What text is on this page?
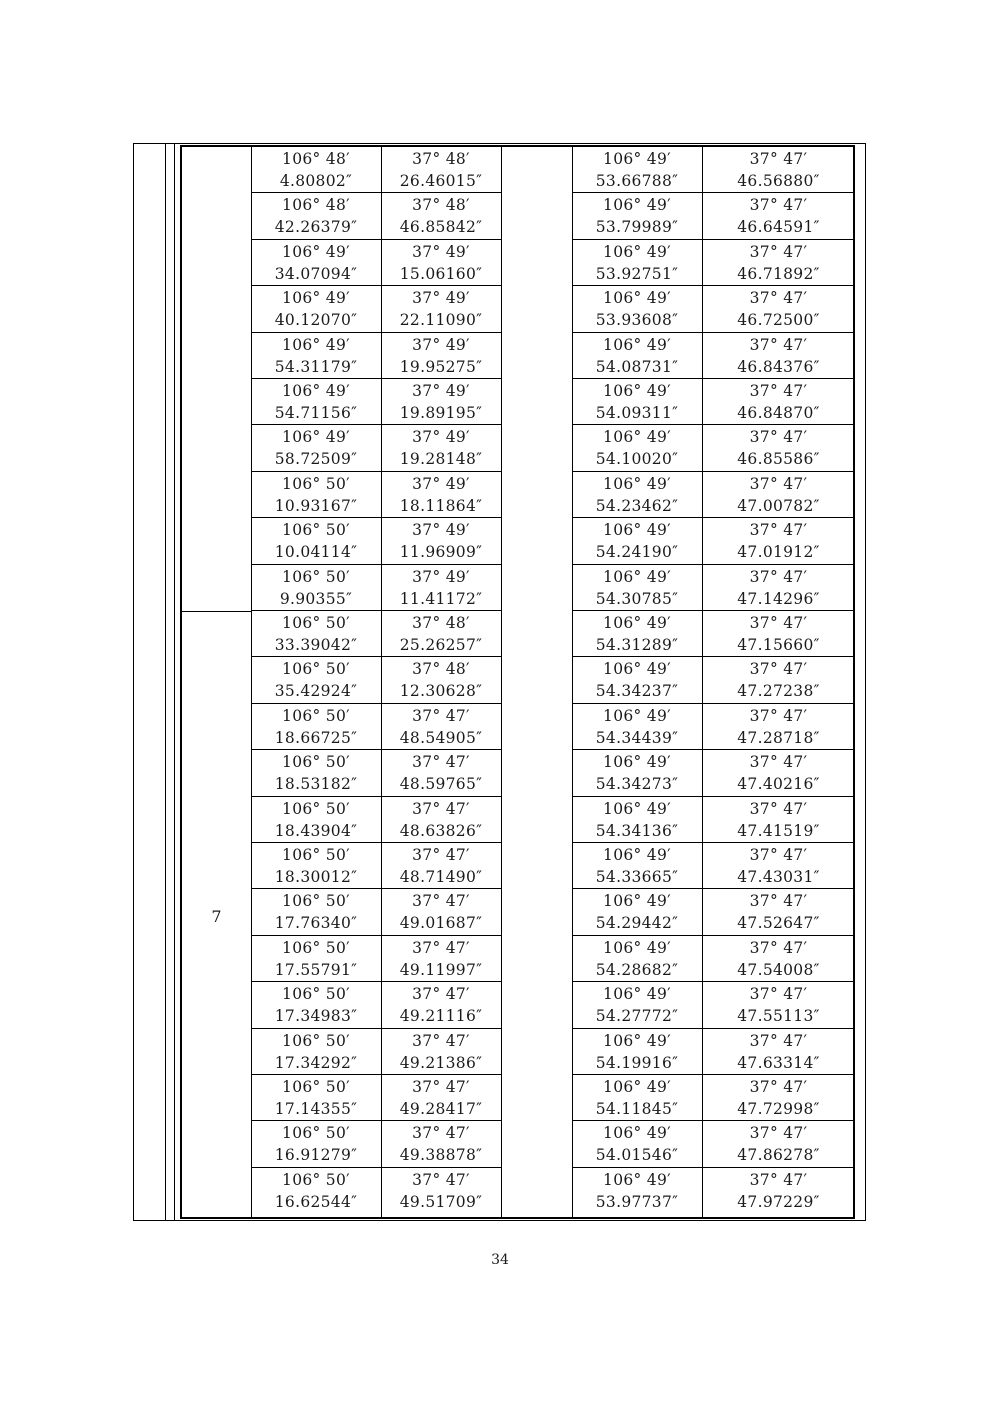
7
106° 48′
4.80802″
37° 48′
26.46015″
106° 49′
53.66788″
37° 47′
46.56880″
106° 48′
42.26379″
37° 48′
46.85842″
106° 49′
53.79989″
37° 47′
46.64591″
106° 49′
34.07094″
37° 49′
15.06160″
106° 49′
53.92751″
37° 47′
46.71892″
106° 49′
40.12070″
37° 49′
22.11090″
106° 49′
53.93608″
37° 47′
46.72500″
106° 49′
54.31179″
37° 49′
19.95275″
106° 49′
54.08731″
37° 47′
46.84376″
106° 49′
54.71156″
37° 49′
19.89195″
106° 49′
54.09311″
37° 47′
46.84870″
106° 49′
58.72509″
37° 49′
19.28148″
106° 49′
54.10020″
37° 47′
46.85586″
106° 50′
10.93167″
37° 49′
18.11864″
106° 49′
54.23462″
37° 47′
47.00782″
106° 50′
10.04114″
37° 49′
11.96909″
106° 49′
54.24190″
37° 47′
47.01912″
106° 50′
9.90355″
37° 49′
11.41172″
106° 49′
54.30785″
37° 47′
47.14296″
106° 50′
33.39042″
37° 48′
25.26257″
106° 49′
54.31289″
37° 47′
47.15660″
106° 50′
35.42924″
37° 48′
12.30628″
106° 49′
54.34237″
37° 47′
47.27238″
106° 50′
18.66725″
37° 47′
48.54905″
106° 49′
54.34439″
37° 47′
47.28718″
106° 50′
18.53182″
37° 47′
48.59765″
106° 49′
54.34273″
37° 47′
47.40216″
106° 50′
18.43904″
37° 47′
48.63826″
106° 49′
54.34136″
37° 47′
47.41519″
106° 50′
18.30012″
37° 47′
48.71490″
106° 49′
54.33665″
37° 47′
47.43031″
106° 50′
17.76340″
37° 47′
49.01687″
106° 49′
54.29442″
37° 47′
47.52647″
106° 50′
17.55791″
37° 47′
49.11997″
106° 49′
54.28682″
37° 47′
47.54008″
106° 50′
17.34983″
37° 47′
49.21116″
106° 49′
54.27772″
37° 47′
47.55113″
106° 50′
17.34292″
37° 47′
49.21386″
106° 49′
54.19916″
37° 47′
47.63314″
106° 50′
17.14355″
37° 47′
49.28417″
106° 49′
54.11845″
37° 47′
47.72998″
106° 50′
16.91279″
37° 47′
49.38878″
106° 49′
54.01546″
37° 47′
47.86278″
106° 50′
16.62544″
37° 47′
49.51709″
106° 49′
53.97737″
37° 47′
47.97229″
34
